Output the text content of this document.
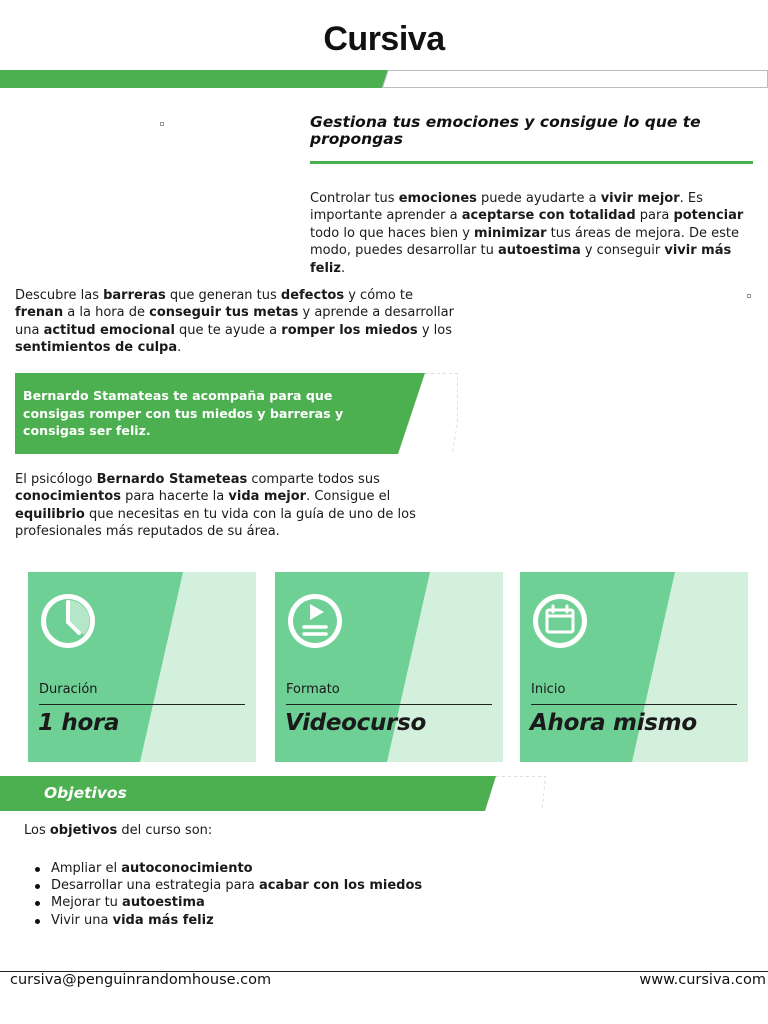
Cursiva
Gestiona tus emociones y consigue lo que te propongas

Controlar tus emociones puede ayudarte a vivir mejor. Es importante aprender a aceptarse con totalidad para potenciar todo lo que haces bien y minimizar tus áreas de mejora. De este modo, puedes desarrollar tu autoestima y conseguir vivir más feliz.

Descubre las barreras que generan tus defectos y cómo te frenan a la hora de conseguir tus metas y aprende a desarrollar una actitud emocional que te ayude a romper los miedos y los sentimientos de culpa.

Bernardo Stamateas te acompaña para que consigas romper con tus miedos y barreras y consigas ser feliz.

El psicólogo Bernardo Stameteas comparte todos sus conocimientos para hacerte la vida mejor. Consigue el equilibrio que necesitas en tu vida con la guía de uno de los profesionales más reputados de su área.

Duración
1 hora
Formato
Videocurso
Inicio
Ahora mismo
Objetivos

Los objetivos del curso son:

Ampliar el autoconocimiento
Desarrollar una estrategia para acabar con los miedos
Mejorar tu autoestima
Vivir una vida más feliz
cursiva@penguinrandomhouse.com	www.cursiva.com
